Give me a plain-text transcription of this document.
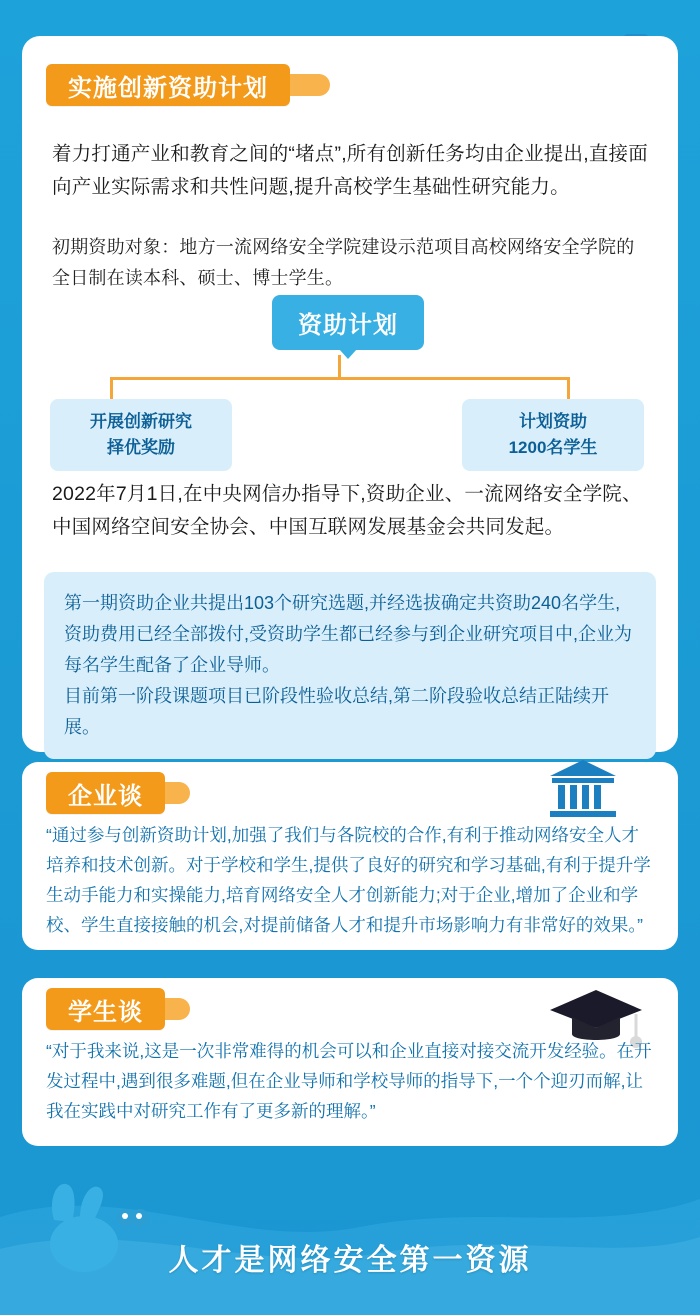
实施创新资助计划
着力打通产业和教育之间的“堵点”,所有创新任务均由企业提出,直接面向产业实际需求和共性问题,提升高校学生基础性研究能力。
初期资助对象：地方一流网络安全学院建设示范项目高校网络安全学院的全日制在读本科、硕士、博士学生。
资助计划
开展创新研究
择优奖励
计划资助
1200名学生
2022年7月1日,在中央网信办指导下,资助企业、一流网络安全学院、中国网络空间安全协会、中国互联网发展基金会共同发起。
第一期资助企业共提出103个研究选题,并经选拔确定共资助240名学生,资助费用已经全部拨付,受资助学生都已经参与到企业研究项目中,企业为每名学生配备了企业导师。
目前第一阶段课题项目已阶段性验收总结,第二阶段验收总结正陆续开展。
企业谈
“通过参与创新资助计划,加强了我们与各院校的合作,有利于推动网络安全人才培养和技术创新。对于学校和学生,提供了良好的研究和学习基础,有利于提升学生动手能力和实操能力,培育网络安全人才创新能力;对于企业,增加了企业和学校、学生直接接触的机会,对提前储备人才和提升市场影响力有非常好的效果。”
学生谈
“对于我来说,这是一次非常难得的机会可以和企业直接对接交流开发经验。在开发过程中,遇到很多难题,但在企业导师和学校导师的指导下,一个个迎刃而解,让我在实践中对研究工作有了更多新的理解。”
人才是网络安全第一资源
